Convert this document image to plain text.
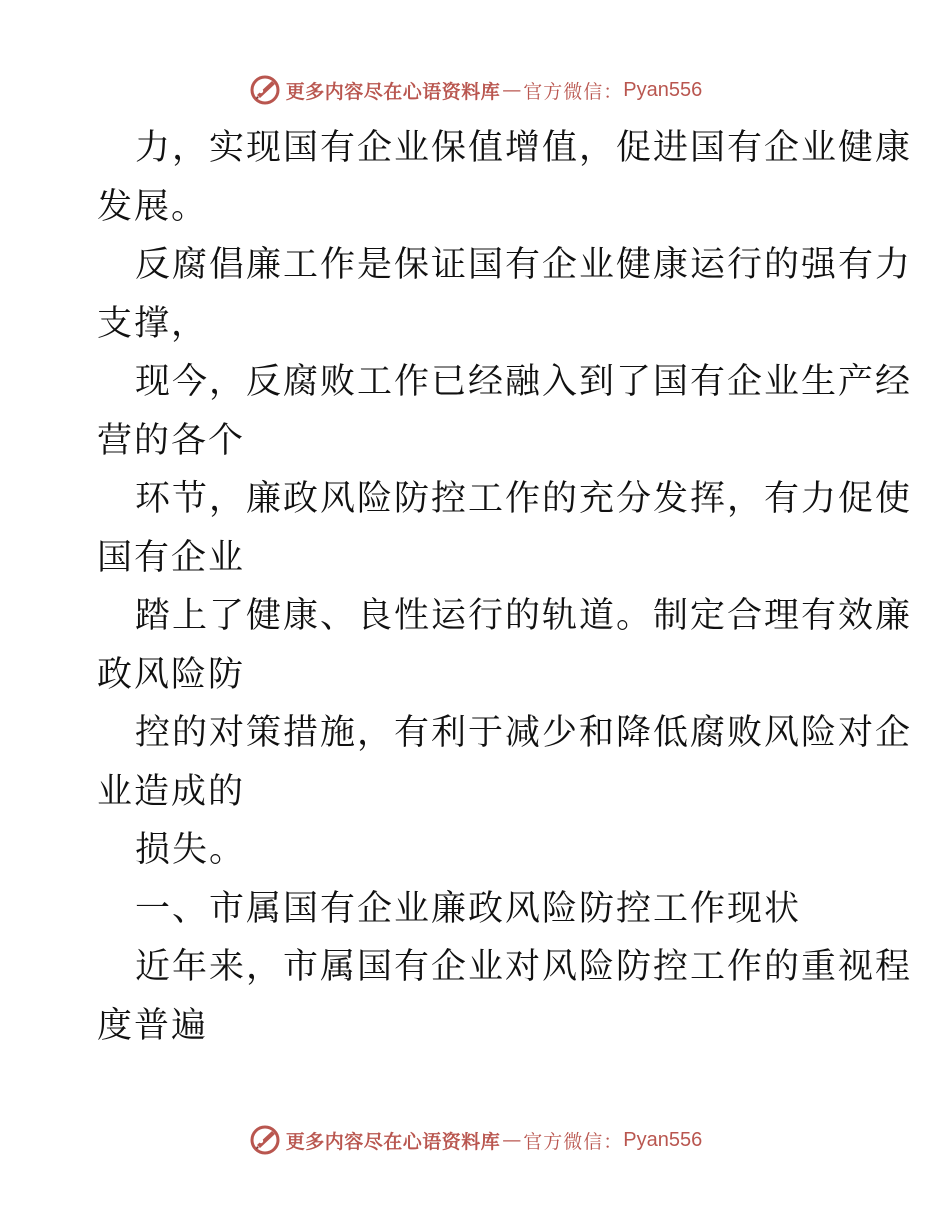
更多内容尽在心语资料库 — 官方微信： Pyan556
力，实现国有企业保值增值，促进国有企业健康
发展。
反腐倡廉工作是保证国有企业健康运行的强有力
支撑，
现今，反腐败工作已经融入到了国有企业生产经
营的各个
环节，廉政风险防控工作的充分发挥，有力促使
国有企业
踏上了健康、良性运行的轨道。制定合理有效廉
政风险防
控的对策措施，有利于减少和降低腐败风险对企
业造成的
损失。
一、市属国有企业廉政风险防控工作现状
近年来，市属国有企业对风险防控工作的重视程
度普遍
更多内容尽在心语资料库 — 官方微信： Pyan556
